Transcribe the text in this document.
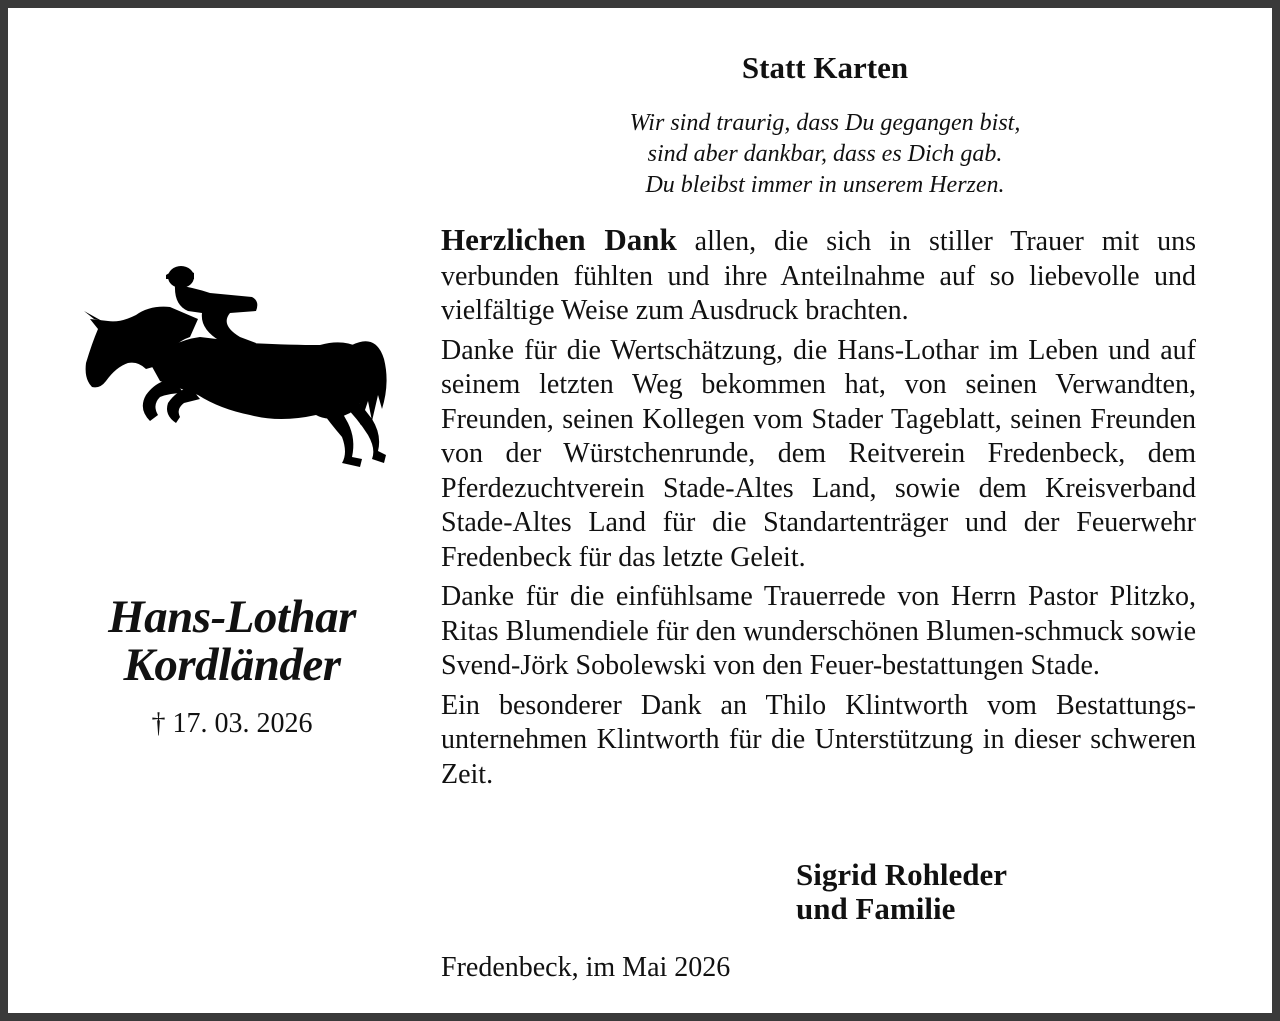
Hans-Lothar
Kordländer
† 17. 03. 2026
Statt Karten
Wir sind traurig, dass Du gegangen bist,
sind aber dankbar, dass es Dich gab.
Du bleibst immer in unserem Herzen.

Herzlichen Dank allen, die sich in stiller Trauer mit uns verbunden fühlten und ihre Anteilnahme auf so liebevolle und vielfältige Weise zum Ausdruck brachten.

Danke für die Wertschätzung, die Hans-Lothar im Leben und auf seinem letzten Weg bekommen hat, von seinen Verwandten, Freunden, seinen Kollegen vom Stader Tageblatt, seinen Freunden von der Würstchenrunde, dem Reitverein Fredenbeck, dem Pferdezuchtverein Stade-Altes Land, sowie dem Kreisverband Stade-Altes Land für die Standartenträger und der Feuerwehr Fredenbeck für das letzte Geleit.

Danke für die einfühlsame Trauerrede von Herrn Pastor Plitzko, Ritas Blumendiele für den wunderschönen Blumen-schmuck sowie Svend-Jörk Sobolewski von den Feuer-bestattungen Stade.

Ein besonderer Dank an Thilo Klintworth vom Bestattungs-unternehmen Klintworth für die Unterstützung in dieser schweren Zeit.

Sigrid Rohleder
und Familie
Fredenbeck, im Mai 2026
